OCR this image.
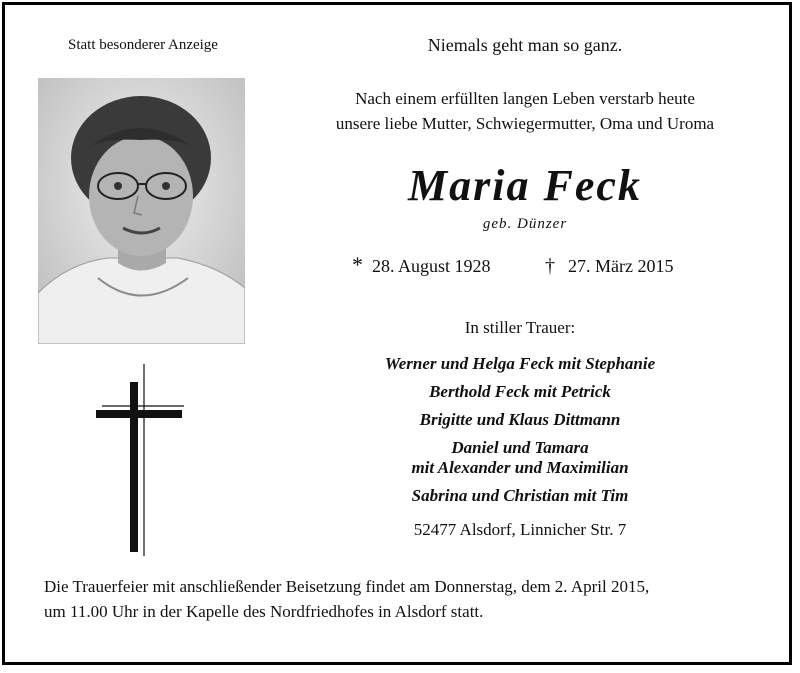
Statt besonderer Anzeige	Niemals geht man so ganz.
Nach einem erfüllten langen Leben verstarb heute
unsere liebe Mutter, Schwiegermutter, Oma und Uroma
Maria Feck
geb. Dünzer
* 28. August 1928	† 27. März 2015
In stiller Trauer:
Werner und Helga Feck mit Stephanie
Berthold Feck mit Petrick
Brigitte und Klaus Dittmann
Daniel und Tamara
mit Alexander und Maximilian
Sabrina und Christian mit Tim
52477 Alsdorf, Linnicher Str. 7
Die Trauerfeier mit anschließender Beisetzung findet am Donnerstag, dem 2. April 2015,
um 11.00 Uhr in der Kapelle des Nordfriedhofes in Alsdorf statt.
